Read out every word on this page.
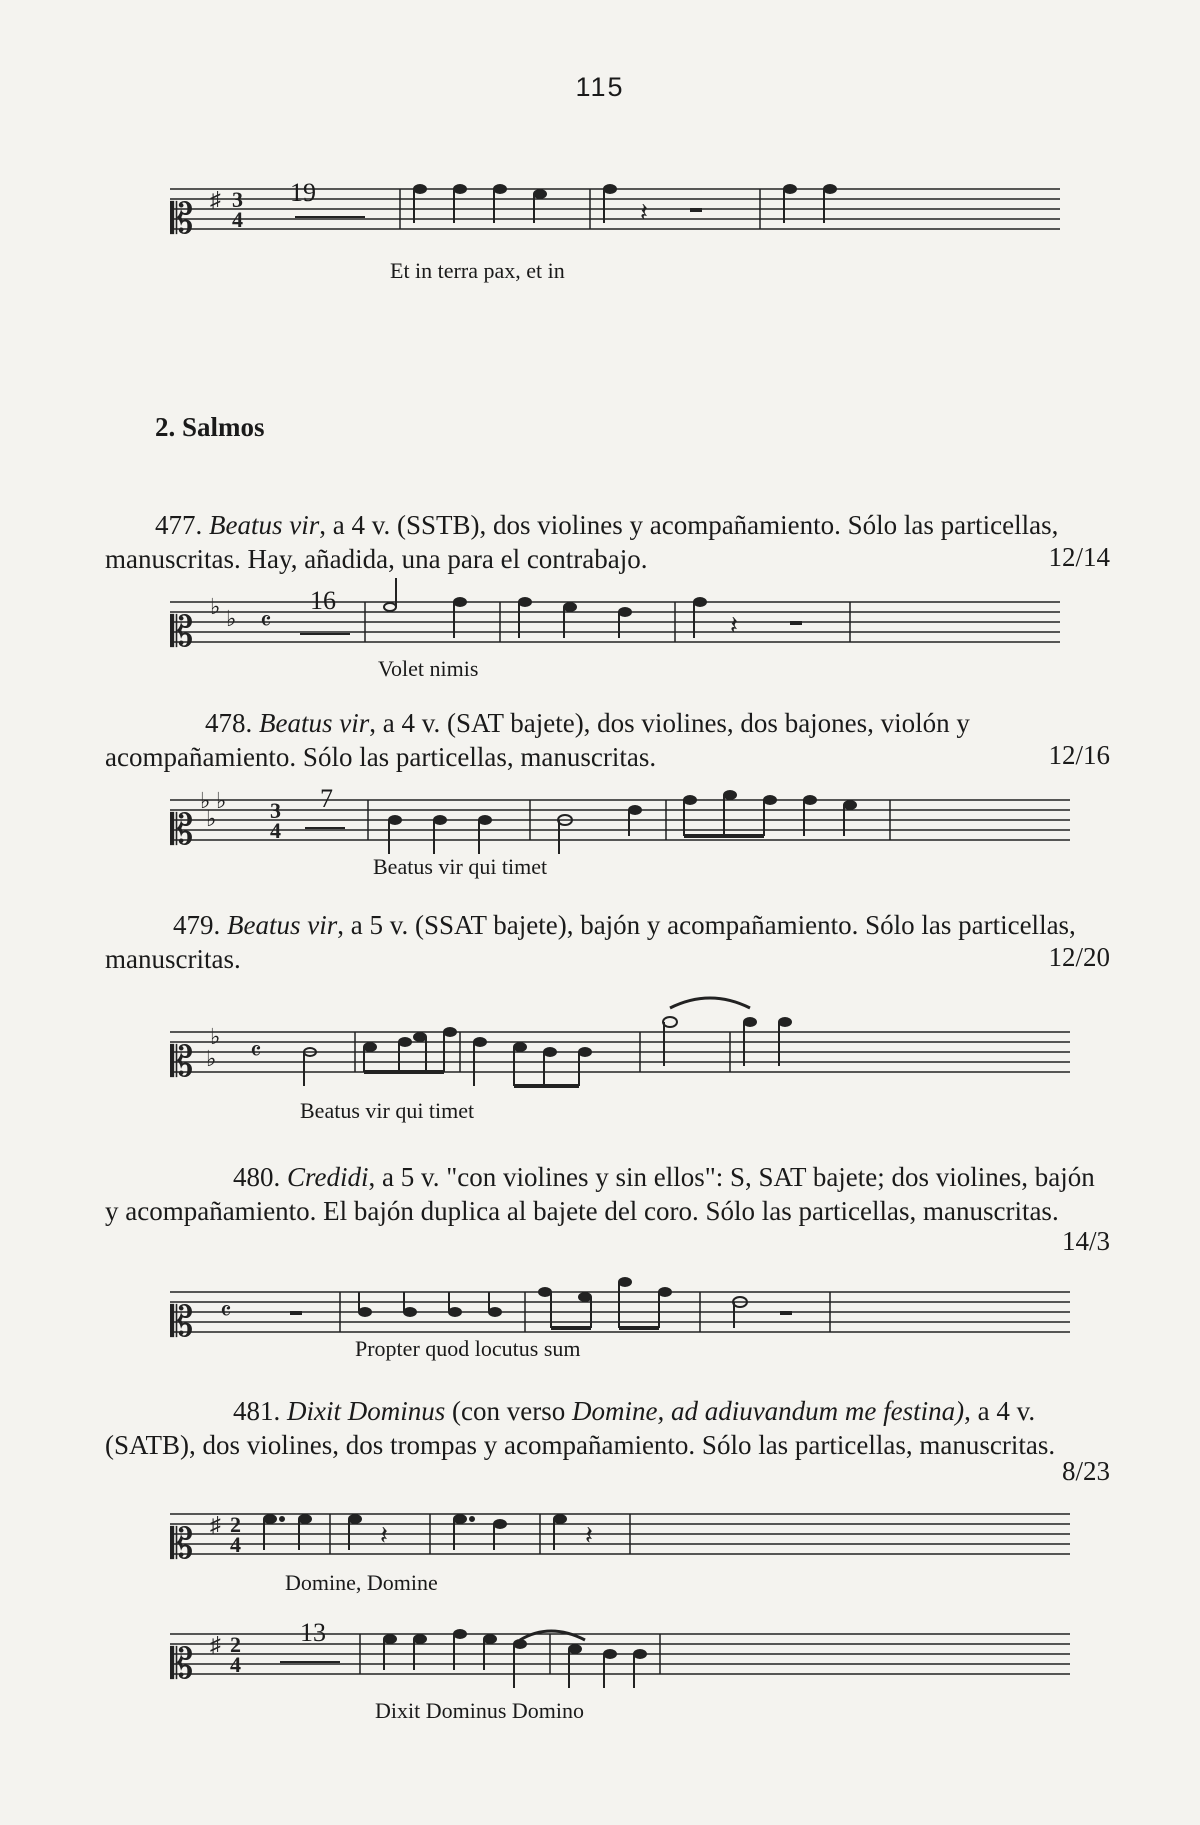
115
𝄡 ♯ 3
4	𝄽
19
Et in terra pax, et in
2. Salmos
477. Beatus vir, a 4 v. (SSTB), dos violines y acompañamiento. Sólo las particellas, manuscritas. Hay, añadida, una para el contrabajo.	12/14
𝄡
♭ ♭ 𝄴	𝄽
16
Volet nimis
478. Beatus vir, a 4 v. (SAT bajete), dos violines, dos bajones, violón y acompañamiento. Sólo las particellas, manuscritas.	12/16
𝄡
♭ ♭
♭ 3
4
7
Beatus vir qui timet
479. Beatus vir, a 5 v. (SSAT bajete), bajón y acompañamiento. Sólo las particellas, manuscritas.	12/20
𝄡
♭
♭ 𝄴
Beatus vir qui timet
480. Credidi, a 5 v. "con violines y sin ellos": S, SAT bajete; dos violines, bajón y acompañamiento. El bajón duplica al bajete del coro. Sólo las particellas, manuscritas.
14/3
𝄡 𝄴
Propter quod locutus sum
481. Dixit Dominus (con verso Domine, ad adiuvandum me festina), a 4 v. (SATB), dos violines, dos trompas y acompañamiento. Sólo las particellas, manuscritas.
8/23
𝄡 ♯ 2
4	𝄽	𝄽
Domine, Domine
𝄡 ♯ 2
4
13
Dixit Dominus Domino
